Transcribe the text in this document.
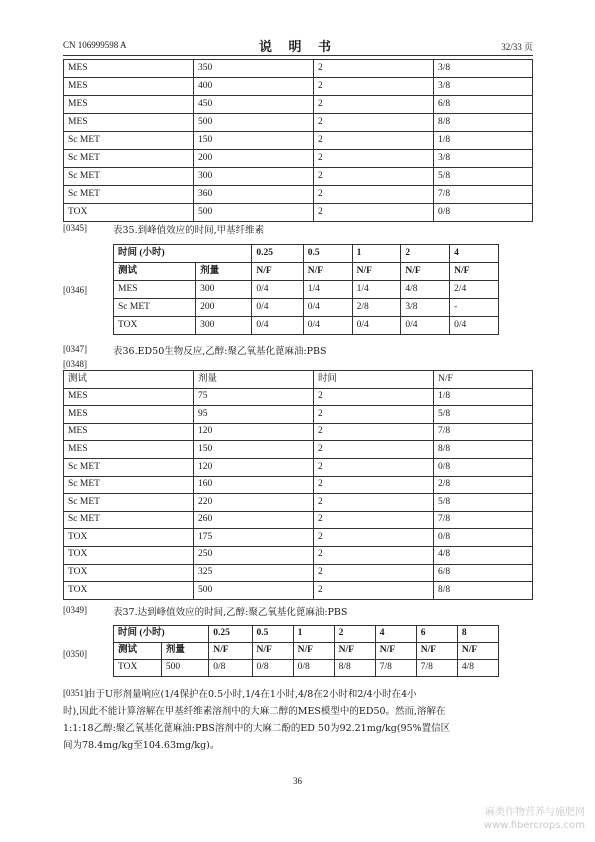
CN 106999598 A	说 明 书	32/33 页
MES	350	2	3/8
MES	400	2	3/8
MES	450	2	6/8
MES	500	2	8/8
Sc MET	150	2	1/8
Sc MET	200	2	3/8
Sc MET	300	2	5/8
Sc MET	360	2	7/8
TOX	500	2	0/8
[0345]	表35.到峰值效应的时间,甲基纤维素
[0346]
时间 (小时)		0.25	0.5	1	2	4
测试	剂量	N/F	N/F	N/F	N/F	N/F
MES	300	0/4	1/4	1/4	4/8	2/4
Sc MET	200	0/4	0/4	2/8	3/8	-
TOX	300	0/4	0/4	0/4	0/4	0/4
[0347]	表36.ED50生物反应,乙醇:聚乙氧基化蓖麻油:PBS
[0348]
测试	剂量	时间	N/F
MES	75	2	1/8
MES	95	2	5/8
MES	120	2	7/8
MES	150	2	8/8
Sc MET	120	2	0/8
Sc MET	160	2	2/8
Sc MET	220	2	5/8
Sc MET	260	2	7/8
TOX	175	2	0/8
TOX	250	2	4/8
TOX	325	2	6/8
TOX	500	2	8/8
[0349]	表37.达到峰值效应的时间,乙醇:聚乙氧基化蓖麻油:PBS
[0350]
时间 (小时)		0.25	0.5	1	2	4	6	8
测试	剂量	N/F	N/F	N/F	N/F	N/F	N/F	N/F
TOX	500	0/8	0/8	0/8	8/8	7/8	7/8	4/8
[0351] 由于U形剂量响应(1/4保护在0.5小时,1/4在1小时,4/8在2小时和2/4小时在4小
时),因此不能计算溶解在甲基纤维素溶剂中的大麻二醇的MES模型中的ED50。然而,溶解在
1:1:18乙醇:聚乙氧基化蓖麻油:PBS溶剂中的大麻二酚的ED 50为92.21mg/kg(95%置信区
间为78.4mg/kg至104.63mg/kg)。
36
麻类作物营养与施肥网
www.fibercrops.com
